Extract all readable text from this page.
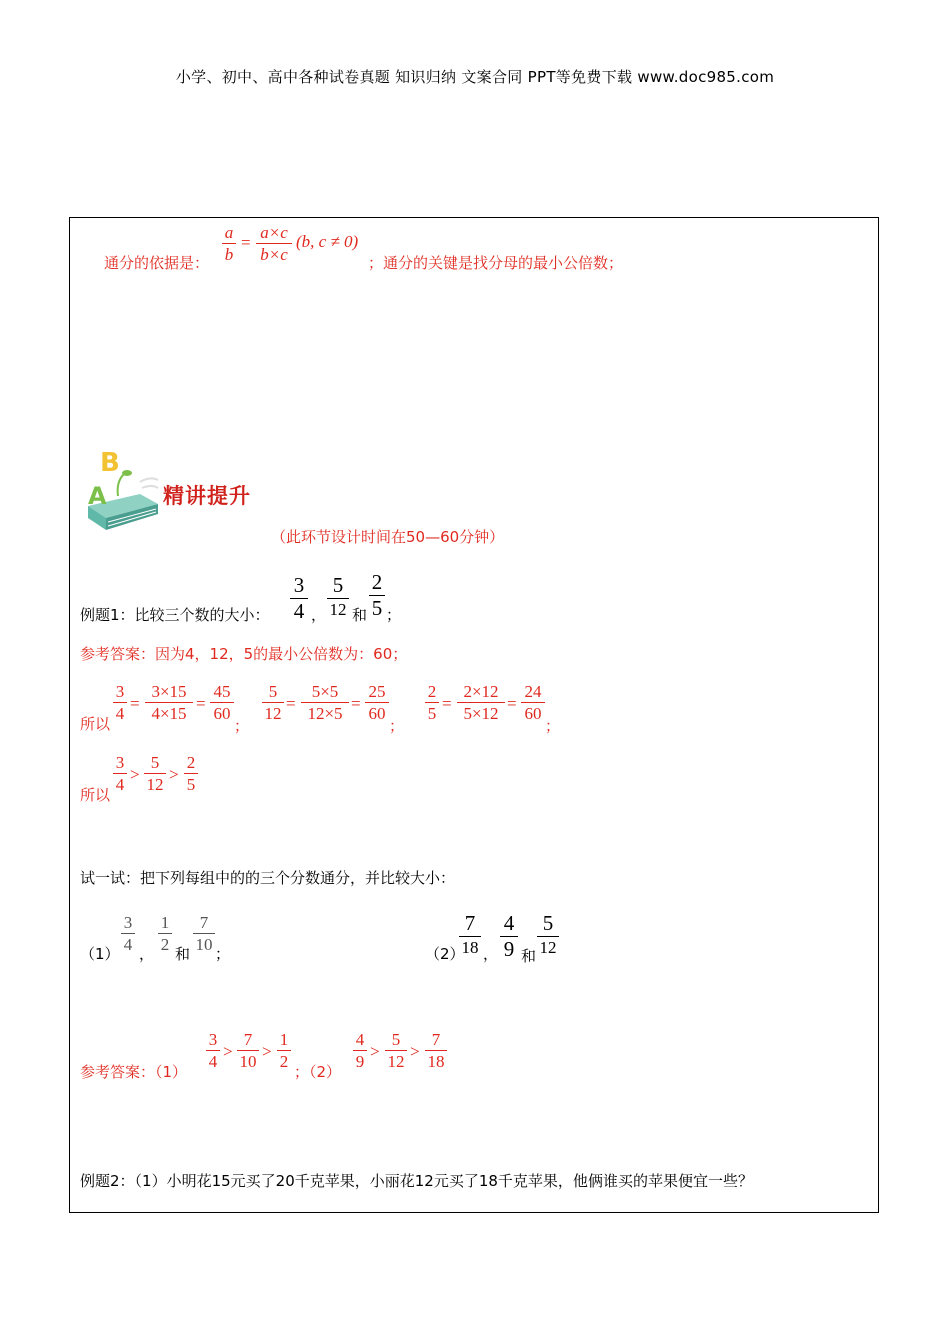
小学、初中、高中各种试卷真题 知识归纳 文案合同 PPT等免费下载 www.doc985.com
通分的依据是：
a
b
=
a×c
b×c
(b, c ≠ 0)
；通分的关键是找分母的最小公倍数；
B
A	精讲提升
（此环节设计时间在50—60分钟）
例题1：比较三个数的大小：
3
4 ，
5
12 和
2
5 ；
参考答案：因为4，12，5的最小公倍数为：60；
所以
3
4
=
3×15
4×15
=
45
60
；
5
12
=
5×5
12×5
=
25
60
；
2
5
=
2×12
5×12
=
24
60
；
所以
3
4
>
5
12
>
2
5
试一试：把下列每组中的的三个分数通分，并比较大小：
（1）
3
4 ，
1
2 和
7
10 ；	（2）
7
18 ，
4
9 和
5
12
参考答案：（1）
3
4
>
7
10
>
1
2
；（2）
4
9
>
5
12
>
7
18
例题2：（1）小明花15元买了20千克苹果，小丽花12元买了18千克苹果，他俩谁买的苹果便宜一些？
